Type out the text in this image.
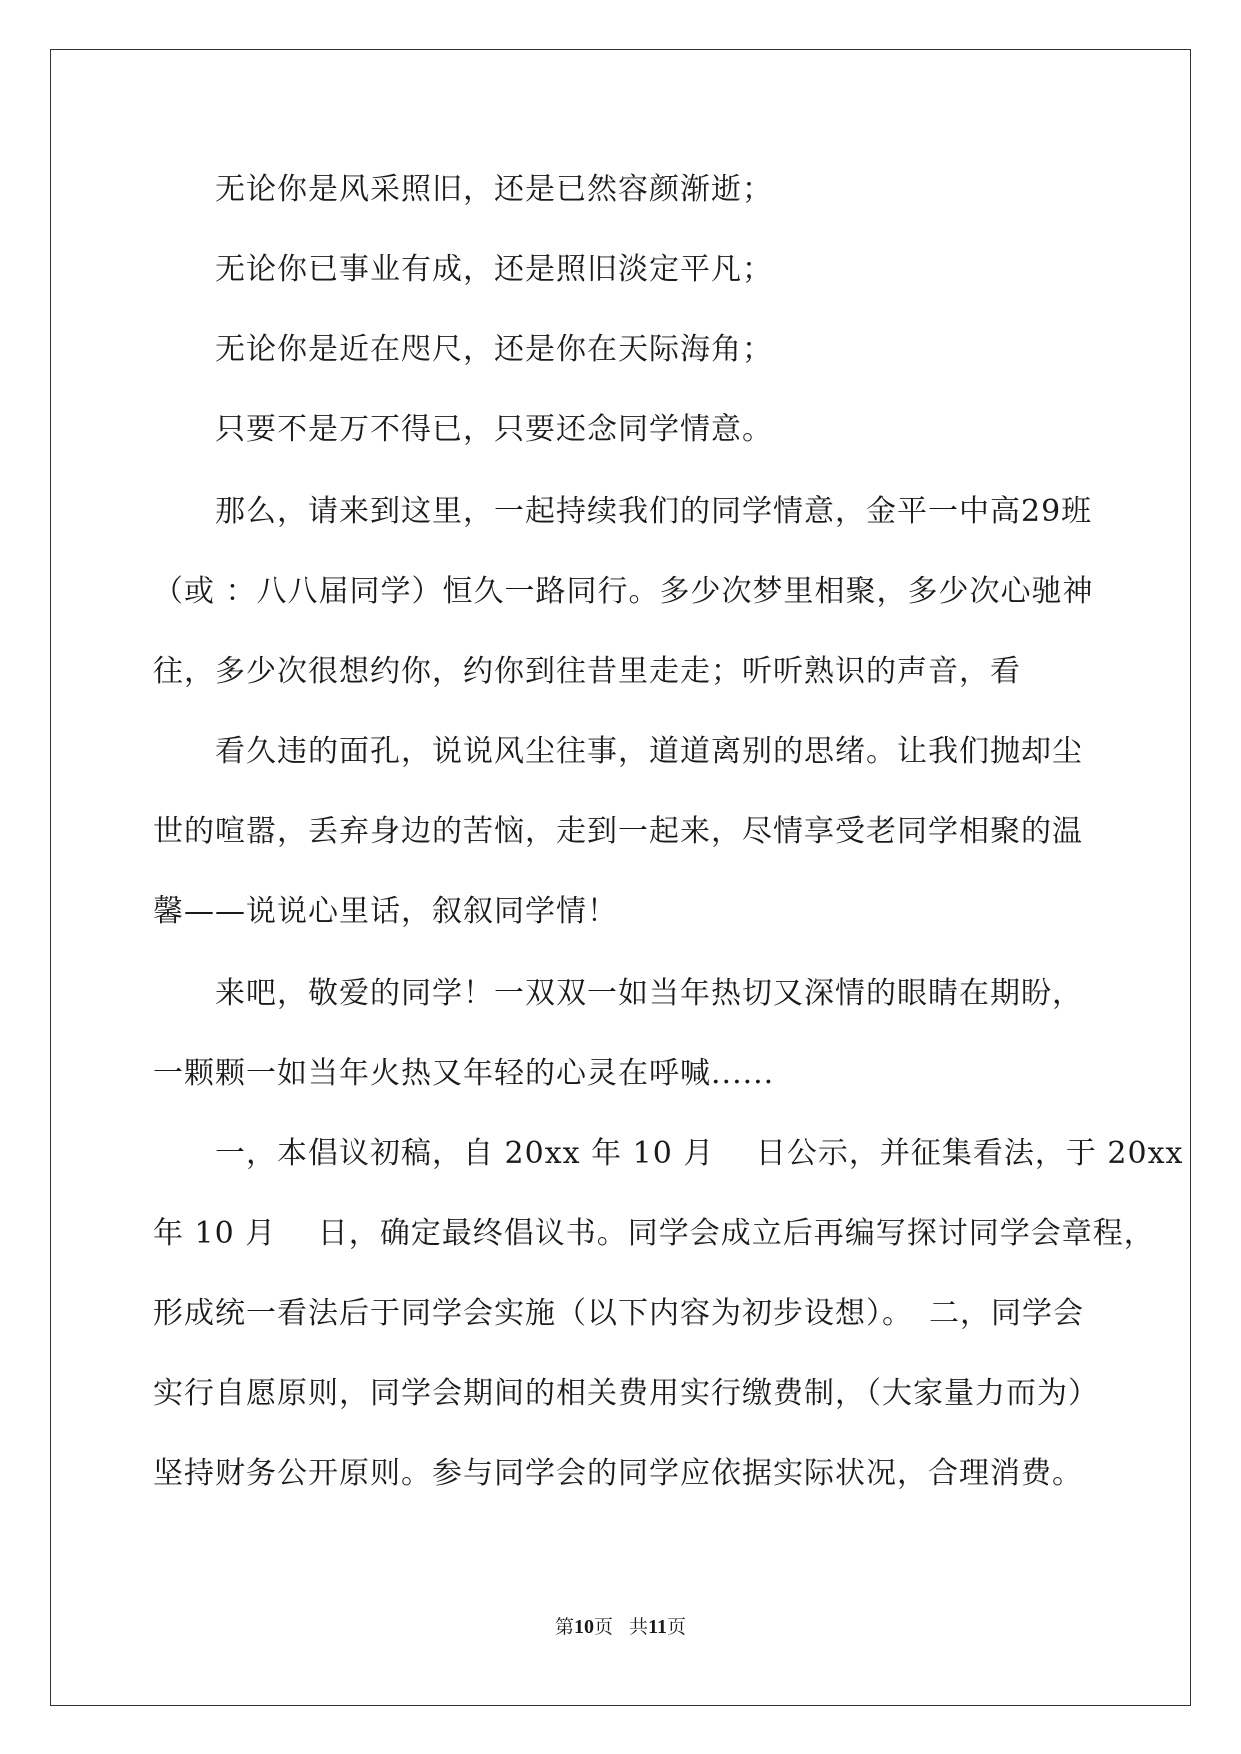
无论你是风采照旧，还是已然容颜渐逝；
无论你已事业有成，还是照旧淡定平凡；
无论你是近在咫尺，还是你在天际海角；
只要不是万不得已，只要还念同学情意。
那么，请来到这里，一起持续我们的同学情意，金平一中高29班
（或 ：八八届同学）恒久一路同行。多少次梦里相聚，多少次心驰神
往，多少次很想约你，约你到往昔里走走；听听熟识的声音，看
看久违的面孔，说说风尘往事，道道离别的思绪。让我们抛却尘
世的喧嚣，丢弃身边的苦恼，走到一起来，尽情享受老同学相聚的温
馨——说说心里话，叙叙同学情！
来吧，敬爱的同学！一双双一如当年热切又深情的眼睛在期盼，
一颗颗一如当年火热又年轻的心灵在呼喊......
一，本倡议初稿，自 20xx 年 10 月　 日公示，并征集看法，于 20xx
年 10 月　 日，确定最终倡议书。同学会成立后再编写探讨同学会章程，
形成统一看法后于同学会实施（以下内容为初步设想）。　二，同学会
实行自愿原则，同学会期间的相关费用实行缴费制，（大家量力而为）
坚持财务公开原则。参与同学会的同学应依据实际状况，合理消费。
第10页 共11页
